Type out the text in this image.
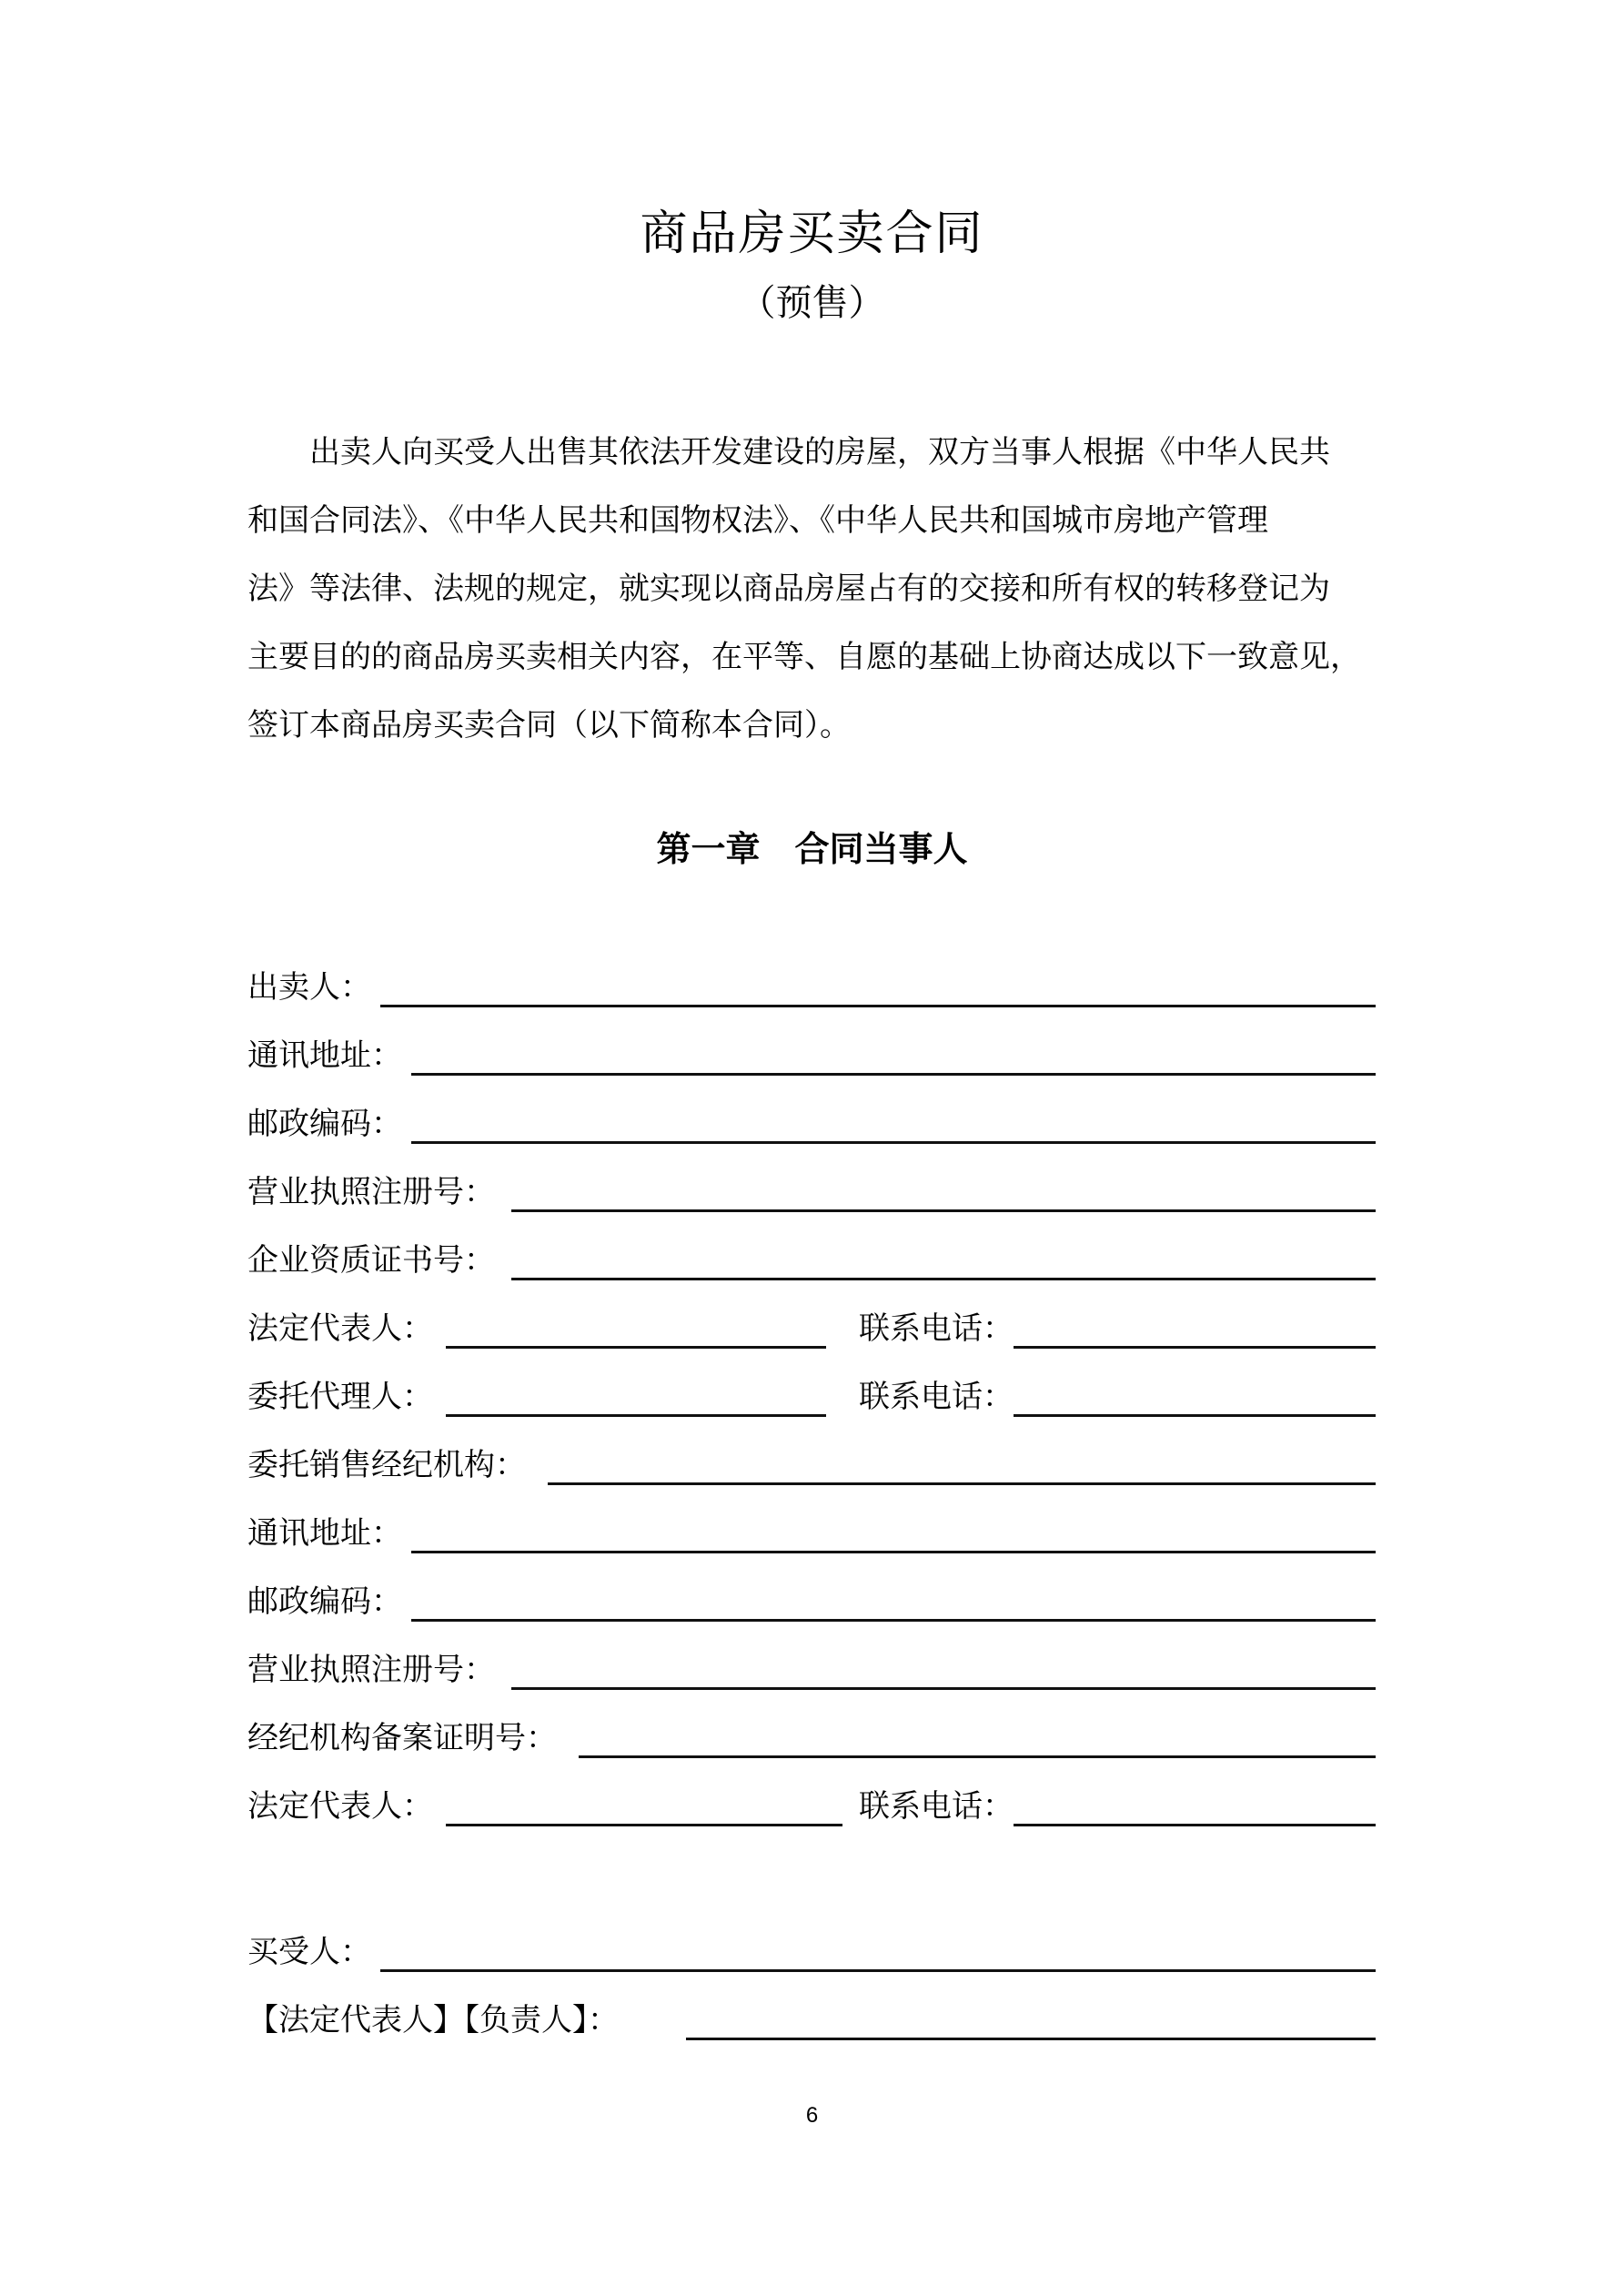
商品房买卖合同
（预售）
出卖人向买受人出售其依法开发建设的房屋，双方当事人根据《中华人民共
和国合同法》、《中华人民共和国物权法》、《中华人民共和国城市房地产管理
法》等法律、法规的规定，就实现以商品房屋占有的交接和所有权的转移登记为
主要目的的商品房买卖相关内容，在平等、自愿的基础上协商达成以下一致意见，
签订本商品房买卖合同（以下简称本合同）。
第一章　合同当事人
出卖人：
通讯地址：
邮政编码：
营业执照注册号：
企业资质证书号：
法定代表人：	联系电话：
委托代理人：	联系电话：
委托销售经纪机构：
通讯地址：
邮政编码：
营业执照注册号：
经纪机构备案证明号：
法定代表人：	联系电话：
买受人：
【法定代表人】【负责人】：
6
